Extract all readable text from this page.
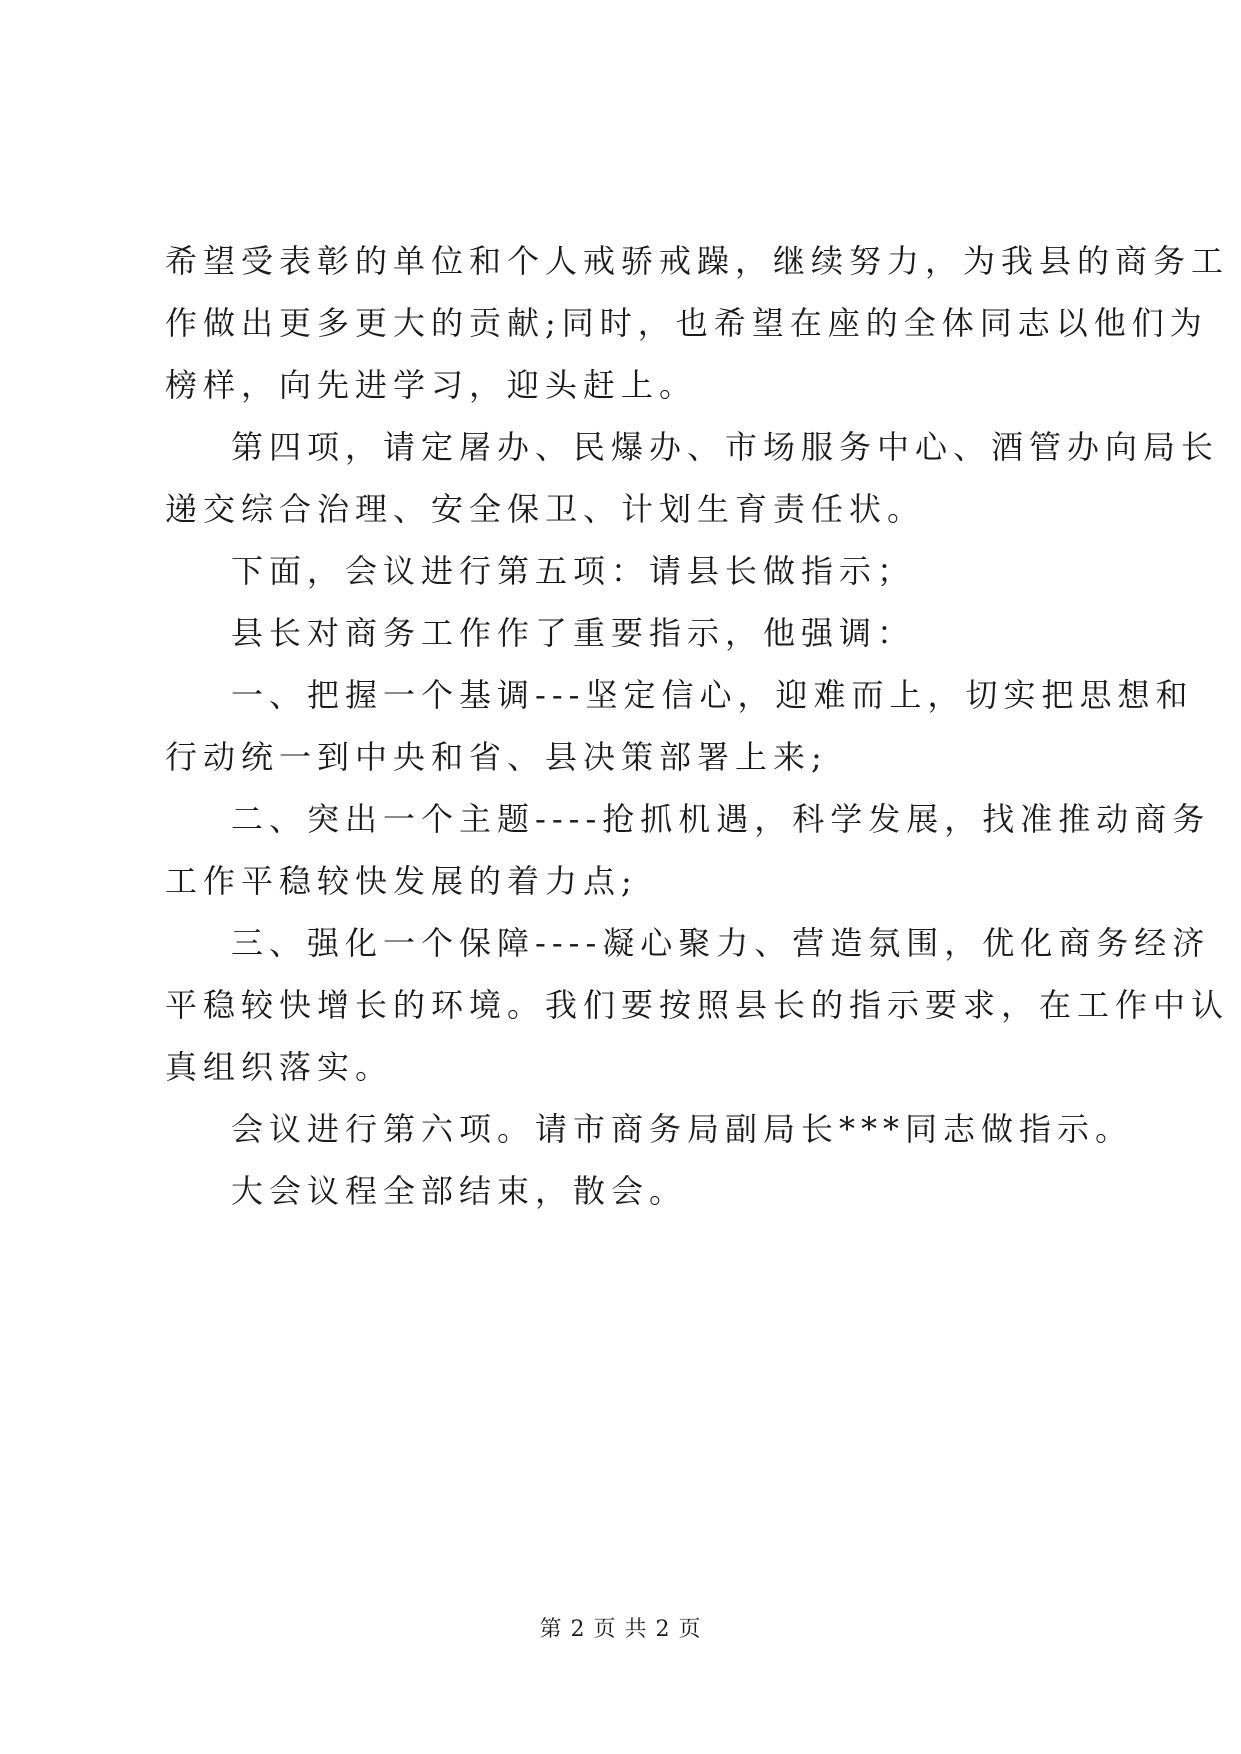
希望受表彰的单位和个人戒骄戒躁，继续努力，为我县的商务工
作做出更多更大的贡献;同时，也希望在座的全体同志以他们为
榜样，向先进学习，迎头赶上。
第四项，请定屠办、民爆办、市场服务中心、酒管办向局长
递交综合治理、安全保卫、计划生育责任状。
下面，会议进行第五项：请县长做指示；
县长对商务工作作了重要指示，他强调：
一、把握一个基调---坚定信心，迎难而上，切实把思想和
行动统一到中央和省、县决策部署上来;
二、突出一个主题----抢抓机遇，科学发展，找准推动商务
工作平稳较快发展的着力点;
三、强化一个保障----凝心聚力、营造氛围，优化商务经济
平稳较快增长的环境。我们要按照县长的指示要求，在工作中认
真组织落实。
会议进行第六项。请市商务局副局长***同志做指示。
大会议程全部结束，散会。
第 2 页 共 2 页
